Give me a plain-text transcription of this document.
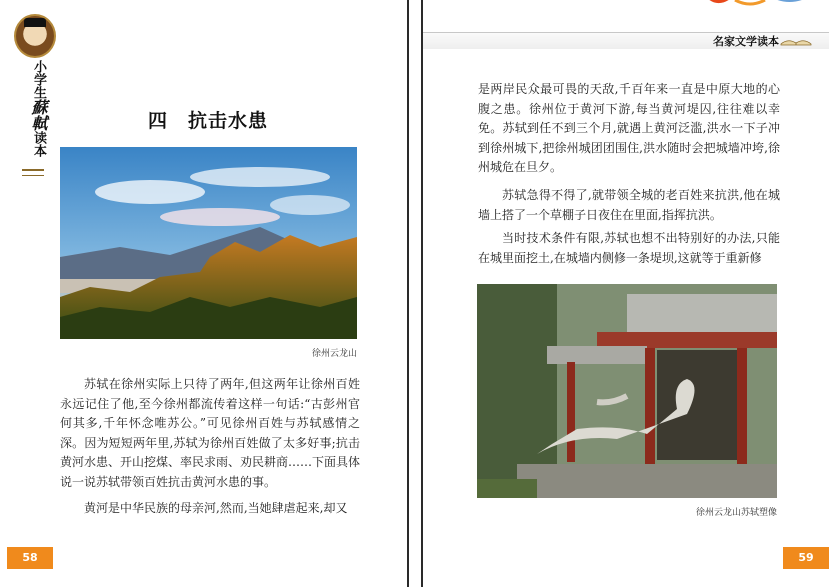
小学生蘇軾读本
四　抗击水患
徐州云龙山
苏轼在徐州实际上只待了两年,但这两年让徐州百姓永远记住了他,至今徐州都流传着这样一句话:“古彭州官何其多,千年怀念唯苏公。”可见徐州百姓与苏轼感情之深。因为短短两年里,苏轼为徐州百姓做了太多好事;抗击黄河水患、开山挖煤、率民求雨、劝民耕商……下面具体说一说苏轼带领百姓抗击黄河水患的事。
黄河是中华民族的母亲河,然而,当她肆虐起来,却又
58
名家文学读本
是两岸民众最可畏的天敌,千百年来一直是中原大地的心腹之患。徐州位于黄河下游,每当黄河堤囚,往往难以幸免。苏轼到任不到三个月,就遇上黄河泛滥,洪水一下子冲到徐州城下,把徐州城团团围住,洪水随时会把城墙冲垮,徐州城危在旦夕。
苏轼急得不得了,就带领全城的老百姓来抗洪,他在城墙上搭了一个草棚子日夜住在里面,指挥抗洪。
当时技术条件有限,苏轼也想不出特别好的办法,只能在城里面挖土,在城墙内侧修一条堤坝,这就等于重新修
徐州云龙山苏轼塑像
59
